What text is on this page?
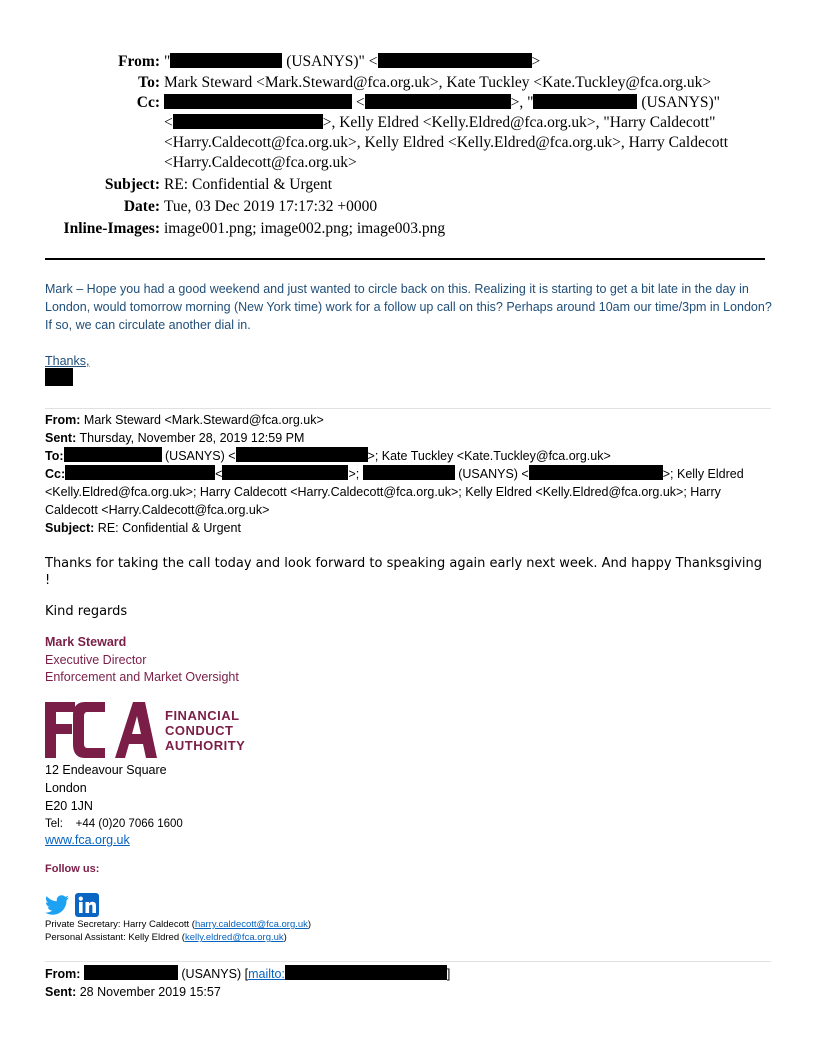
From: "	(USANYS)" <	>
To: Mark Steward <Mark.Steward@fca.org.uk>, Kate Tuckley <Kate.Tuckley@fca.org.uk>
Cc:	<	>, "	(USANYS)"
<	>, Kelly Eldred <Kelly.Eldred@fca.org.uk>, "Harry Caldecott"
<Harry.Caldecott@fca.org.uk>, Kelly Eldred <Kelly.Eldred@fca.org.uk>, Harry Caldecott
<Harry.Caldecott@fca.org.uk>
Subject: RE: Confidential & Urgent
Date: Tue, 03 Dec 2019 17:17:32 +0000
Inline-Images: image001.png; image002.png; image003.png
Mark – Hope you had a good weekend and just wanted to circle back on this. Realizing it is starting to get a bit late in the day in London, would tomorrow morning (New York time) work for a follow up call on this? Perhaps around 10am our time/3pm in London? If so, we can circulate another dial in.
Thanks,
From: Mark Steward <Mark.Steward@fca.org.uk>
Sent: Thursday, November 28, 2019 12:59 PM
To:	(USANYS) <	>; Kate Tuckley <Kate.Tuckley@fca.org.uk>
Cc:	<	>;	(USANYS) <	>; Kelly Eldred
<Kelly.Eldred@fca.org.uk>; Harry Caldecott <Harry.Caldecott@fca.org.uk>; Kelly Eldred <Kelly.Eldred@fca.org.uk>; Harry
Caldecott <Harry.Caldecott@fca.org.uk>
Subject: RE: Confidential & Urgent
Thanks for taking the call today and look forward to speaking again early next week. And happy Thanksgiving !
Kind regards
Mark Steward
Executive Director
Enforcement and Market Oversight
FINANCIAL
CONDUCT
AUTHORITY
12 Endeavour Square
London
E20 1JN
Tel:    +44 (0)20 7066 1600
www.fca.org.uk
Follow us:
Private Secretary: Harry Caldecott (harry.caldecott@fca.org.uk)
Personal Assistant: Kelly Eldred (kelly.eldred@fca.org.uk)
From:	(USANYS) [mailto:	]
Sent: 28 November 2019 15:57
